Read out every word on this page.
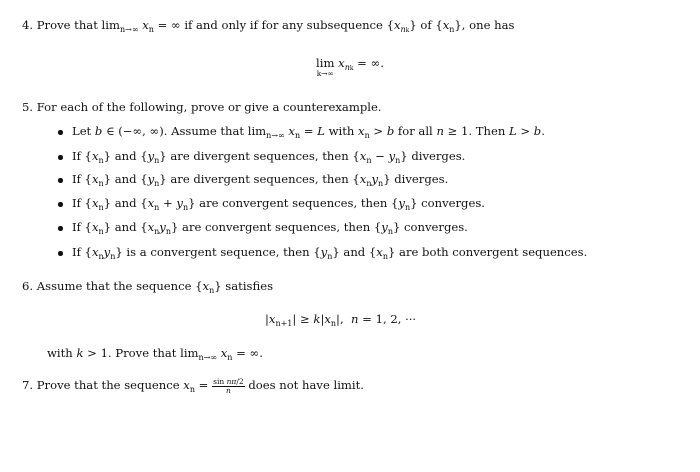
4. Prove that $\lim_{n\to\infty} x_n$ = ∞ if and only if for any subsequence $\{x_{nk}\}$ of $\{x_n\}$, one has
lim
k→∞
$x_{nk}$ = ∞.
5. For each of the following, prove or give a counterexample.
Let b ∈ (−∞, ∞). Assume that $\lim_{n\to\infty} x_n = L$ with $x_n > b$ for all n ≥ 1. Then L > b.
If $\{x_n\}$ and $\{y_n\}$ are divergent sequences, then $\{x_n - y_n\}$ diverges.
If $\{x_n\}$ and $\{y_n\}$ are divergent sequences, then $\{x_ny_n\}$ diverges.
If $\{x_n\}$ and $\{x_n + y_n\}$ are convergent sequences, then $\{y_n\}$ converges.
If $\{x_n\}$ and $\{x_ny_n\}$ are convergent sequences, then $\{y_n\}$ converges.
If $\{x_ny_n\}$ is a convergent sequence, then $\{y_n\}$ and $\{x_n\}$ are both convergent sequences.
6. Assume that the sequence $\{x_n\}$ satisfies
$|x_{n+1}| \ge k|x_n|$,  n = 1, 2, ···
with k > 1. Prove that $\lim_{n\to\infty} x_n$ = ∞.
7. Prove that the sequence $x_n = \frac{\text{sin nπ/2}}{n}$ does not have limit.
